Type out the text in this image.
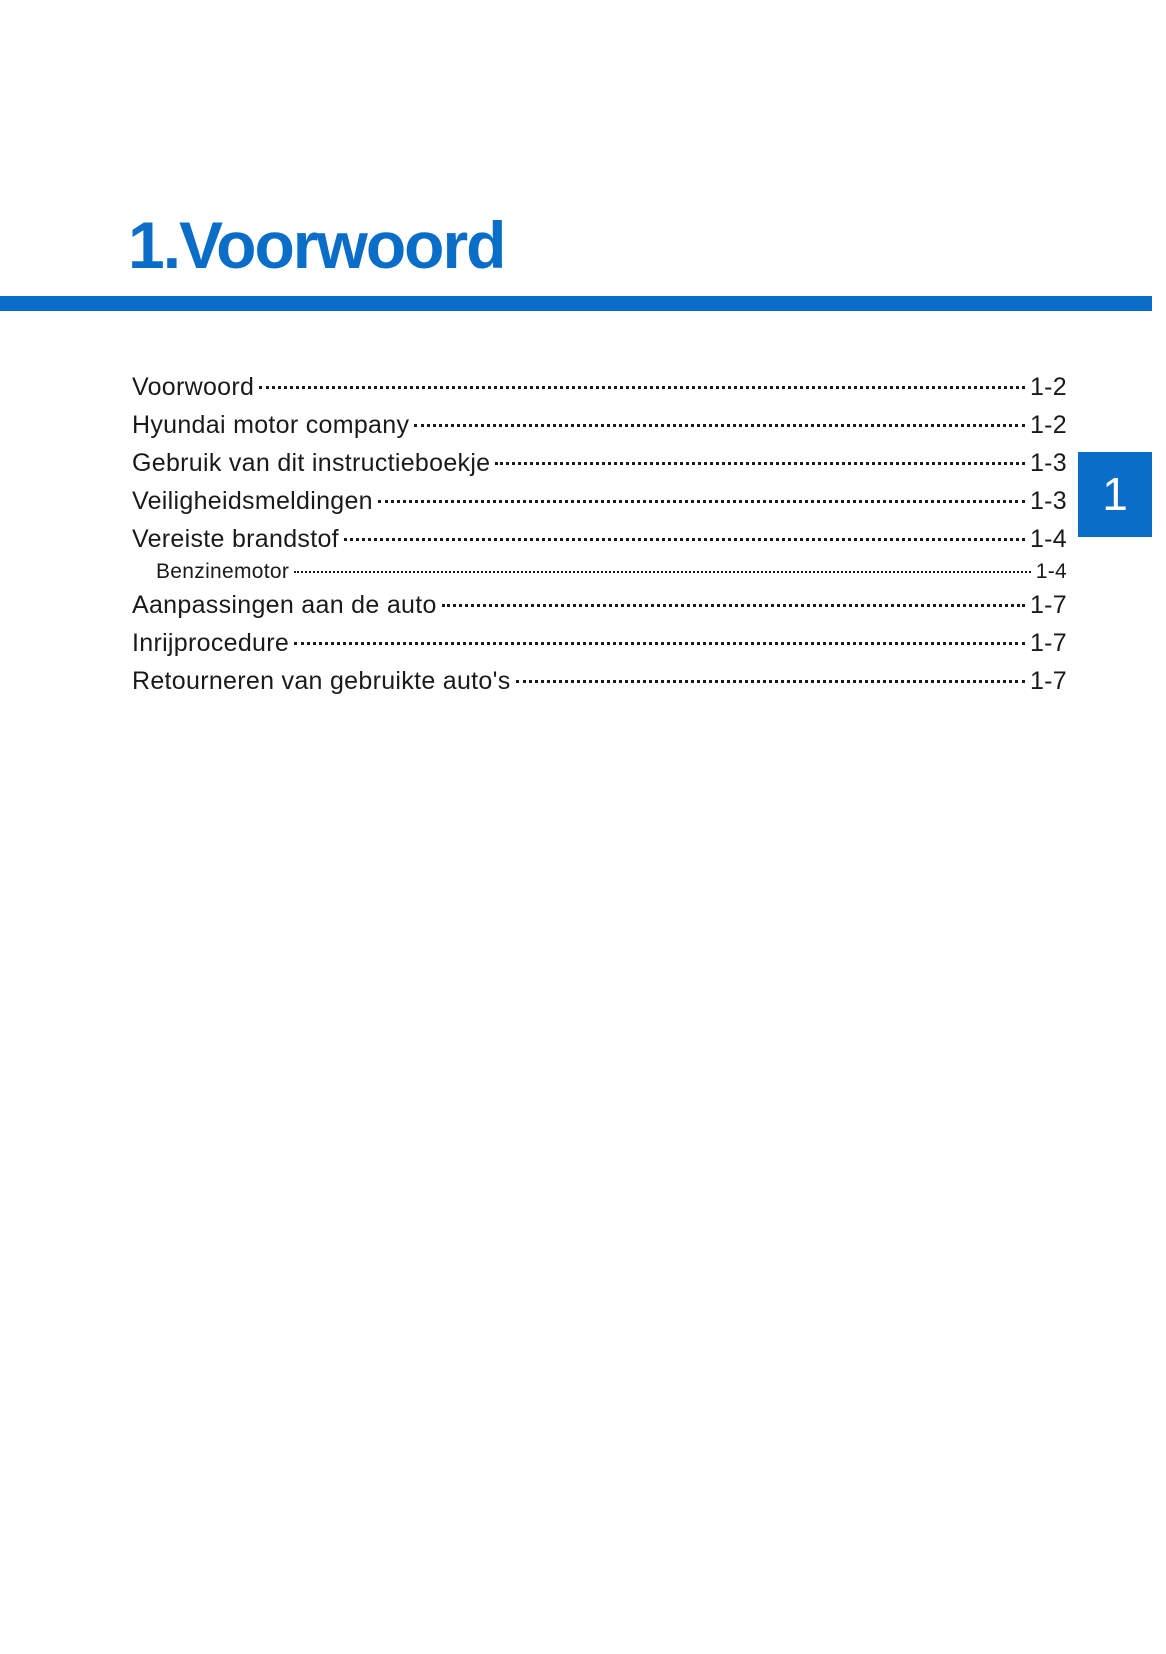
1.Voorwoord
1
Voorwoord	1-2
Hyundai motor company	1-2
Gebruik van dit instructieboekje	1-3
Veiligheidsmeldingen	1-3
Vereiste brandstof	1-4
Benzinemotor	1-4
Aanpassingen aan de auto	1-7
Inrijprocedure	1-7
Retourneren van gebruikte auto's	1-7
